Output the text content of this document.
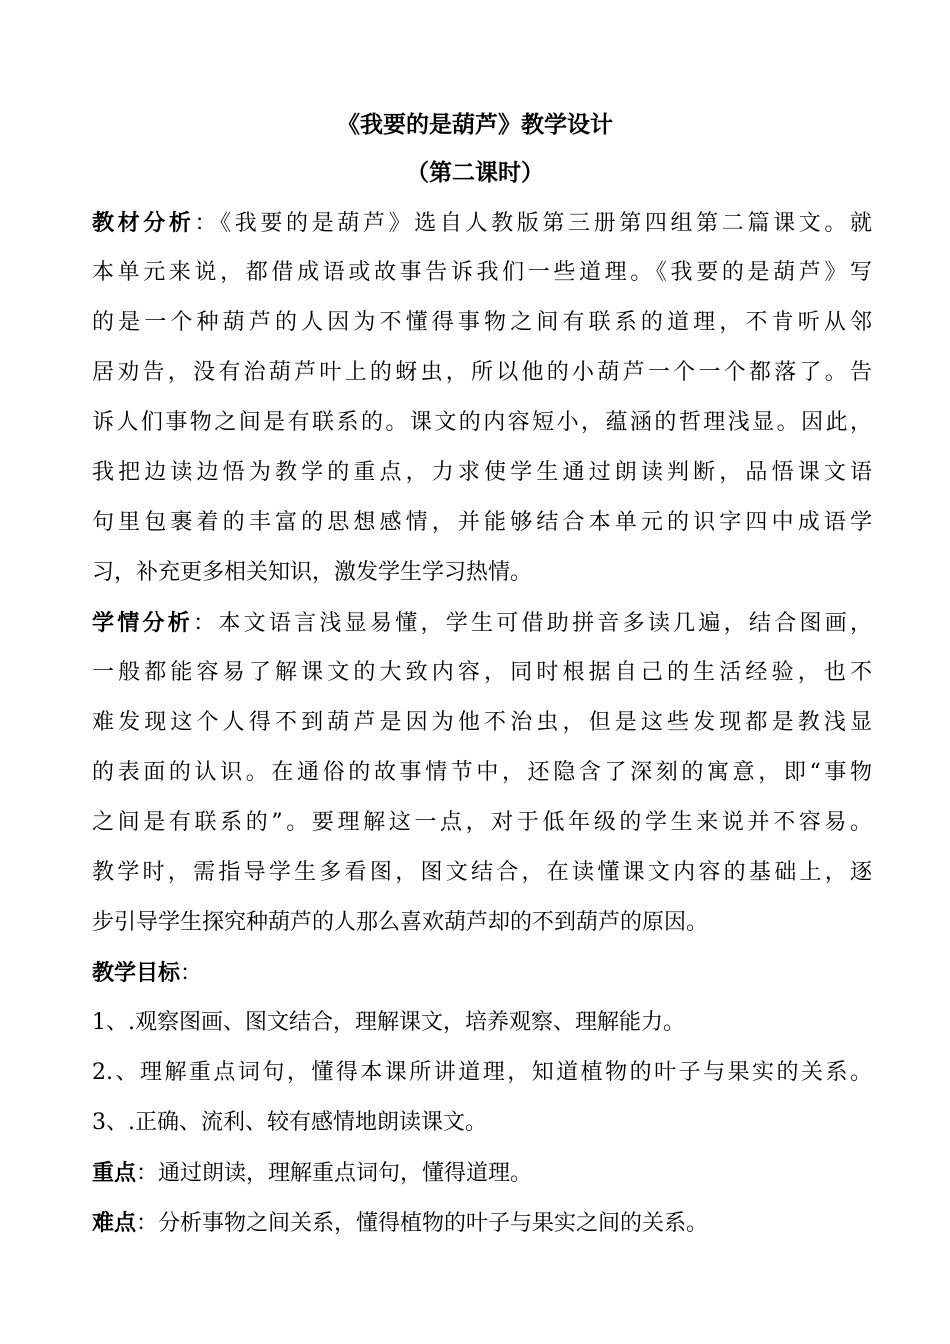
《我要的是葫芦》教学设计
（第二课时）
教材分析：《我要的是葫芦》选自人教版第三册第四组第二篇课文。就
本单元来说，都借成语或故事告诉我们一些道理。《我要的是葫芦》写
的是一个种葫芦的人因为不懂得事物之间有联系的道理，不肯听从邻
居劝告，没有治葫芦叶上的蚜虫，所以他的小葫芦一个一个都落了。告
诉人们事物之间是有联系的。课文的内容短小，蕴涵的哲理浅显。因此，
我把边读边悟为教学的重点，力求使学生通过朗读判断，品悟课文语
句里包裹着的丰富的思想感情，并能够结合本单元的识字四中成语学
习，补充更多相关知识，激发学生学习热情。
学情分析：本文语言浅显易懂，学生可借助拼音多读几遍，结合图画，
一般都能容易了解课文的大致内容，同时根据自己的生活经验，也不
难发现这个人得不到葫芦是因为他不治虫，但是这些发现都是教浅显
的表面的认识。在通俗的故事情节中，还隐含了深刻的寓意，即“事物
之间是有联系的”。要理解这一点，对于低年级的学生来说并不容易。
教学时，需指导学生多看图，图文结合，在读懂课文内容的基础上，逐
步引导学生探究种葫芦的人那么喜欢葫芦却的不到葫芦的原因。
教学目标：
1、.观察图画、图文结合，理解课文，培养观察、理解能力。
2.、理解重点词句，懂得本课所讲道理，知道植物的叶子与果实的关系。
3、.正确、流利、较有感情地朗读课文。
重点：通过朗读，理解重点词句，懂得道理。
难点：分析事物之间关系，懂得植物的叶子与果实之间的关系。
